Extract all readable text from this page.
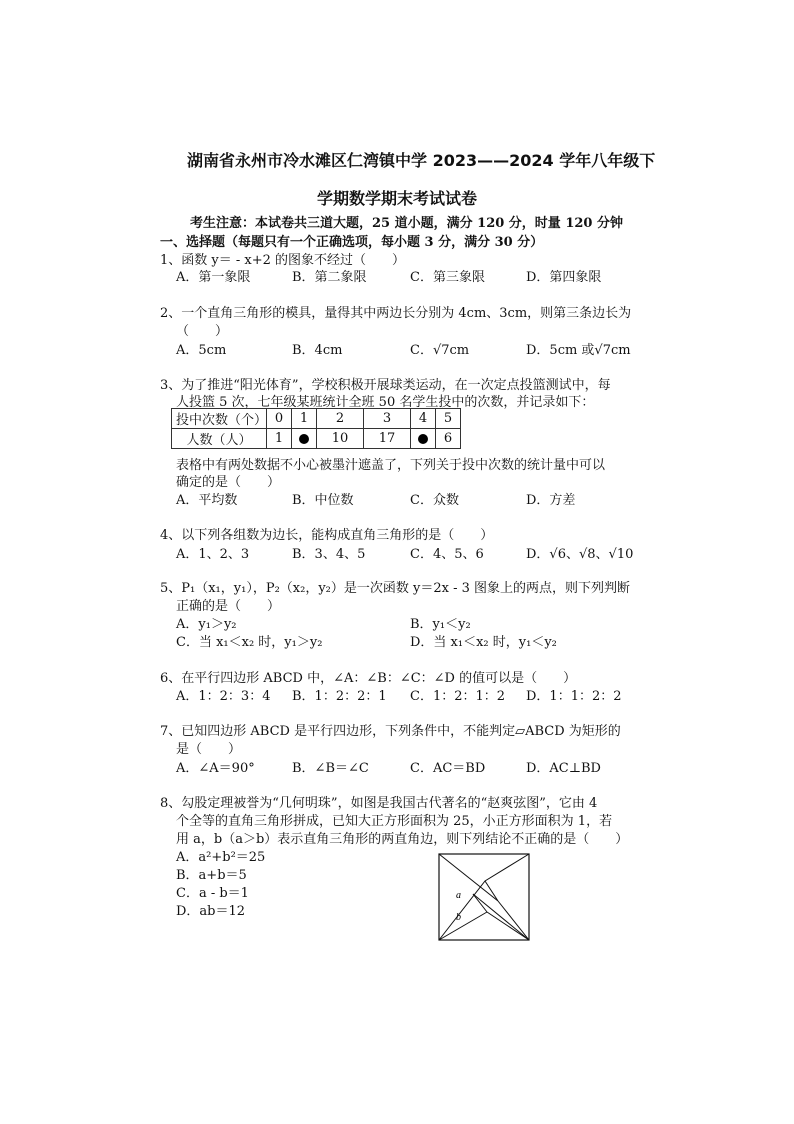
湖南省永州市冷水滩区仁湾镇中学 2023——2024 学年八年级下
学期数学期末考试试卷
考生注意：本试卷共三道大题，25 道小题，满分 120 分，时量 120 分钟
一、选择题（每题只有一个正确选项，每小题 3 分，满分 30 分）
1、函数 y＝ - x+2 的图象不经过（　　）
A．第一象限	B．第二象限	C．第三象限	D．第四象限
2、一个直角三角形的模具，量得其中两边长分别为 4cm、3cm，则第三条边长为
（　　）
A．5cm	B．4cm	C．√7cm	D．5cm 或√7cm
3、为了推进“阳光体育”，学校积极开展球类运动，在一次定点投篮测试中，每
人投篮 5 次，七年级某班统计全班 50 名学生投中的次数，并记录如下：
投中次数（个）	0	1	2	3	4	5
人数（人）	1		10	17		6
表格中有两处数据不小心被墨汁遮盖了，下列关于投中次数的统计量中可以
确定的是（　　）
A．平均数	B．中位数	C．众数	D．方差
4、以下列各组数为边长，能构成直角三角形的是（　　）
A．1、2、3	B．3、4、5	C．4、5、6	D．√6、√8、√10
5、P₁（x₁，y₁），P₂（x₂，y₂）是一次函数 y＝2x - 3 图象上的两点，则下列判断
正确的是（　　）
A．y₁＞y₂	B．y₁＜y₂
C．当 x₁＜x₂ 时，y₁＞y₂	D．当 x₁＜x₂ 时，y₁＜y₂
6、在平行四边形 ABCD 中，∠A：∠B：∠C：∠D 的值可以是（　　）
A．1：2：3：4 B．1：2：2：1 C．1：2：1：2 D．1：1：2：2
7、已知四边形 ABCD 是平行四边形，下列条件中，不能判定▱ABCD 为矩形的
是（　　）
A．∠A＝90°	B．∠B＝∠C	C．AC＝BD	D．AC⊥BD
8、勾股定理被誉为“几何明珠”，如图是我国古代著名的“赵爽弦图”，它由 4
个全等的直角三角形拼成，已知大正方形面积为 25，小正方形面积为 1，若
用 a，b（a＞b）表示直角三角形的两直角边，则下列结论不正确的是（　　）
A．a²+b²＝25
B．a+b＝5
C．a - b＝1
D．ab＝12
a
b
